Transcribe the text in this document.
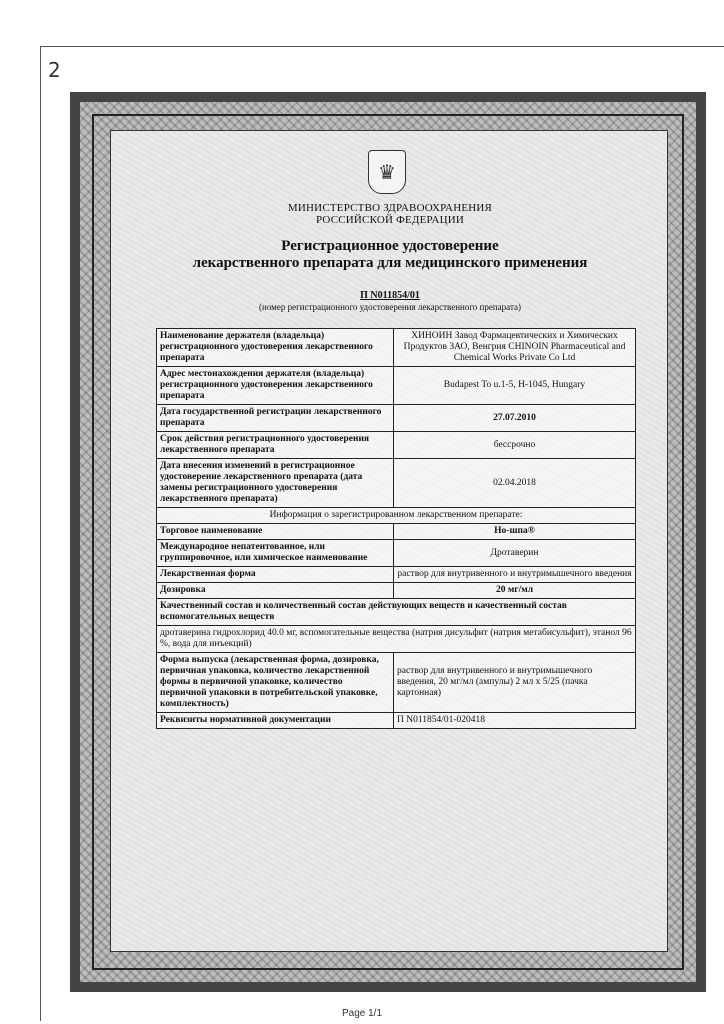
2
♛
МИНИСТЕРСТВО ЗДРАВООХРАНЕНИЯ
РОССИЙСКОЙ ФЕДЕРАЦИИ
Регистрационное удостоверение
лекарственного препарата для медицинского применения
П N011854/01
(номер регистрационного удостоверения лекарственного препарата)
Наименование держателя (владельца) регистрационного удостоверения лекарственного препарата	ХИНОИН Завод Фармацевтических и Химических Продуктов ЗАО, Венгрия CHINOIN Pharmaceutical and Chemical Works Private Co Ltd
Адрес местонахождения держателя (владельца) регистрационного удостоверения лекарственного препарата	Budapest To u.1-5, H-1045, Hungary
Дата государственной регистрации лекарственного препарата	27.07.2010
Срок действия регистрационного удостоверения лекарственного препарата	бессрочно
Дата внесения изменений в регистрационное удостоверение лекарственного препарата (дата замены регистрационного удостоверения лекарственного препарата)	02.04.2018
Информация о зарегистрированном лекарственном препарате:	
Торговое наименование	Но-шпа®
Международное непатентованное, или группировочное, или химическое наименование	Дротаверин
Лекарственная форма	раствор для внутривенного и внутримышечного введения
Дозировка	20 мг/мл
Качественный состав и количественный состав действующих веществ и качественный состав вспомогательных веществ	
дротаверина гидрохлорид 40.0 мг, вспомогательные вещества (натрия дисульфит (натрия метабисульфит), этанол 96 %, вода для инъекций)	
Форма выпуска (лекарственная форма, дозировка, первичная упаковка, количество лекарственной формы в первичной упаковке, количество первичной упаковки в потребительской упаковке, комплектность)	раствор для внутривенного и внутримышечного введения, 20 мг/мл (ампулы) 2 мл x 5/25 (пачка картонная)
Реквизиты нормативной документации	П N011854/01-020418
Page 1/1
